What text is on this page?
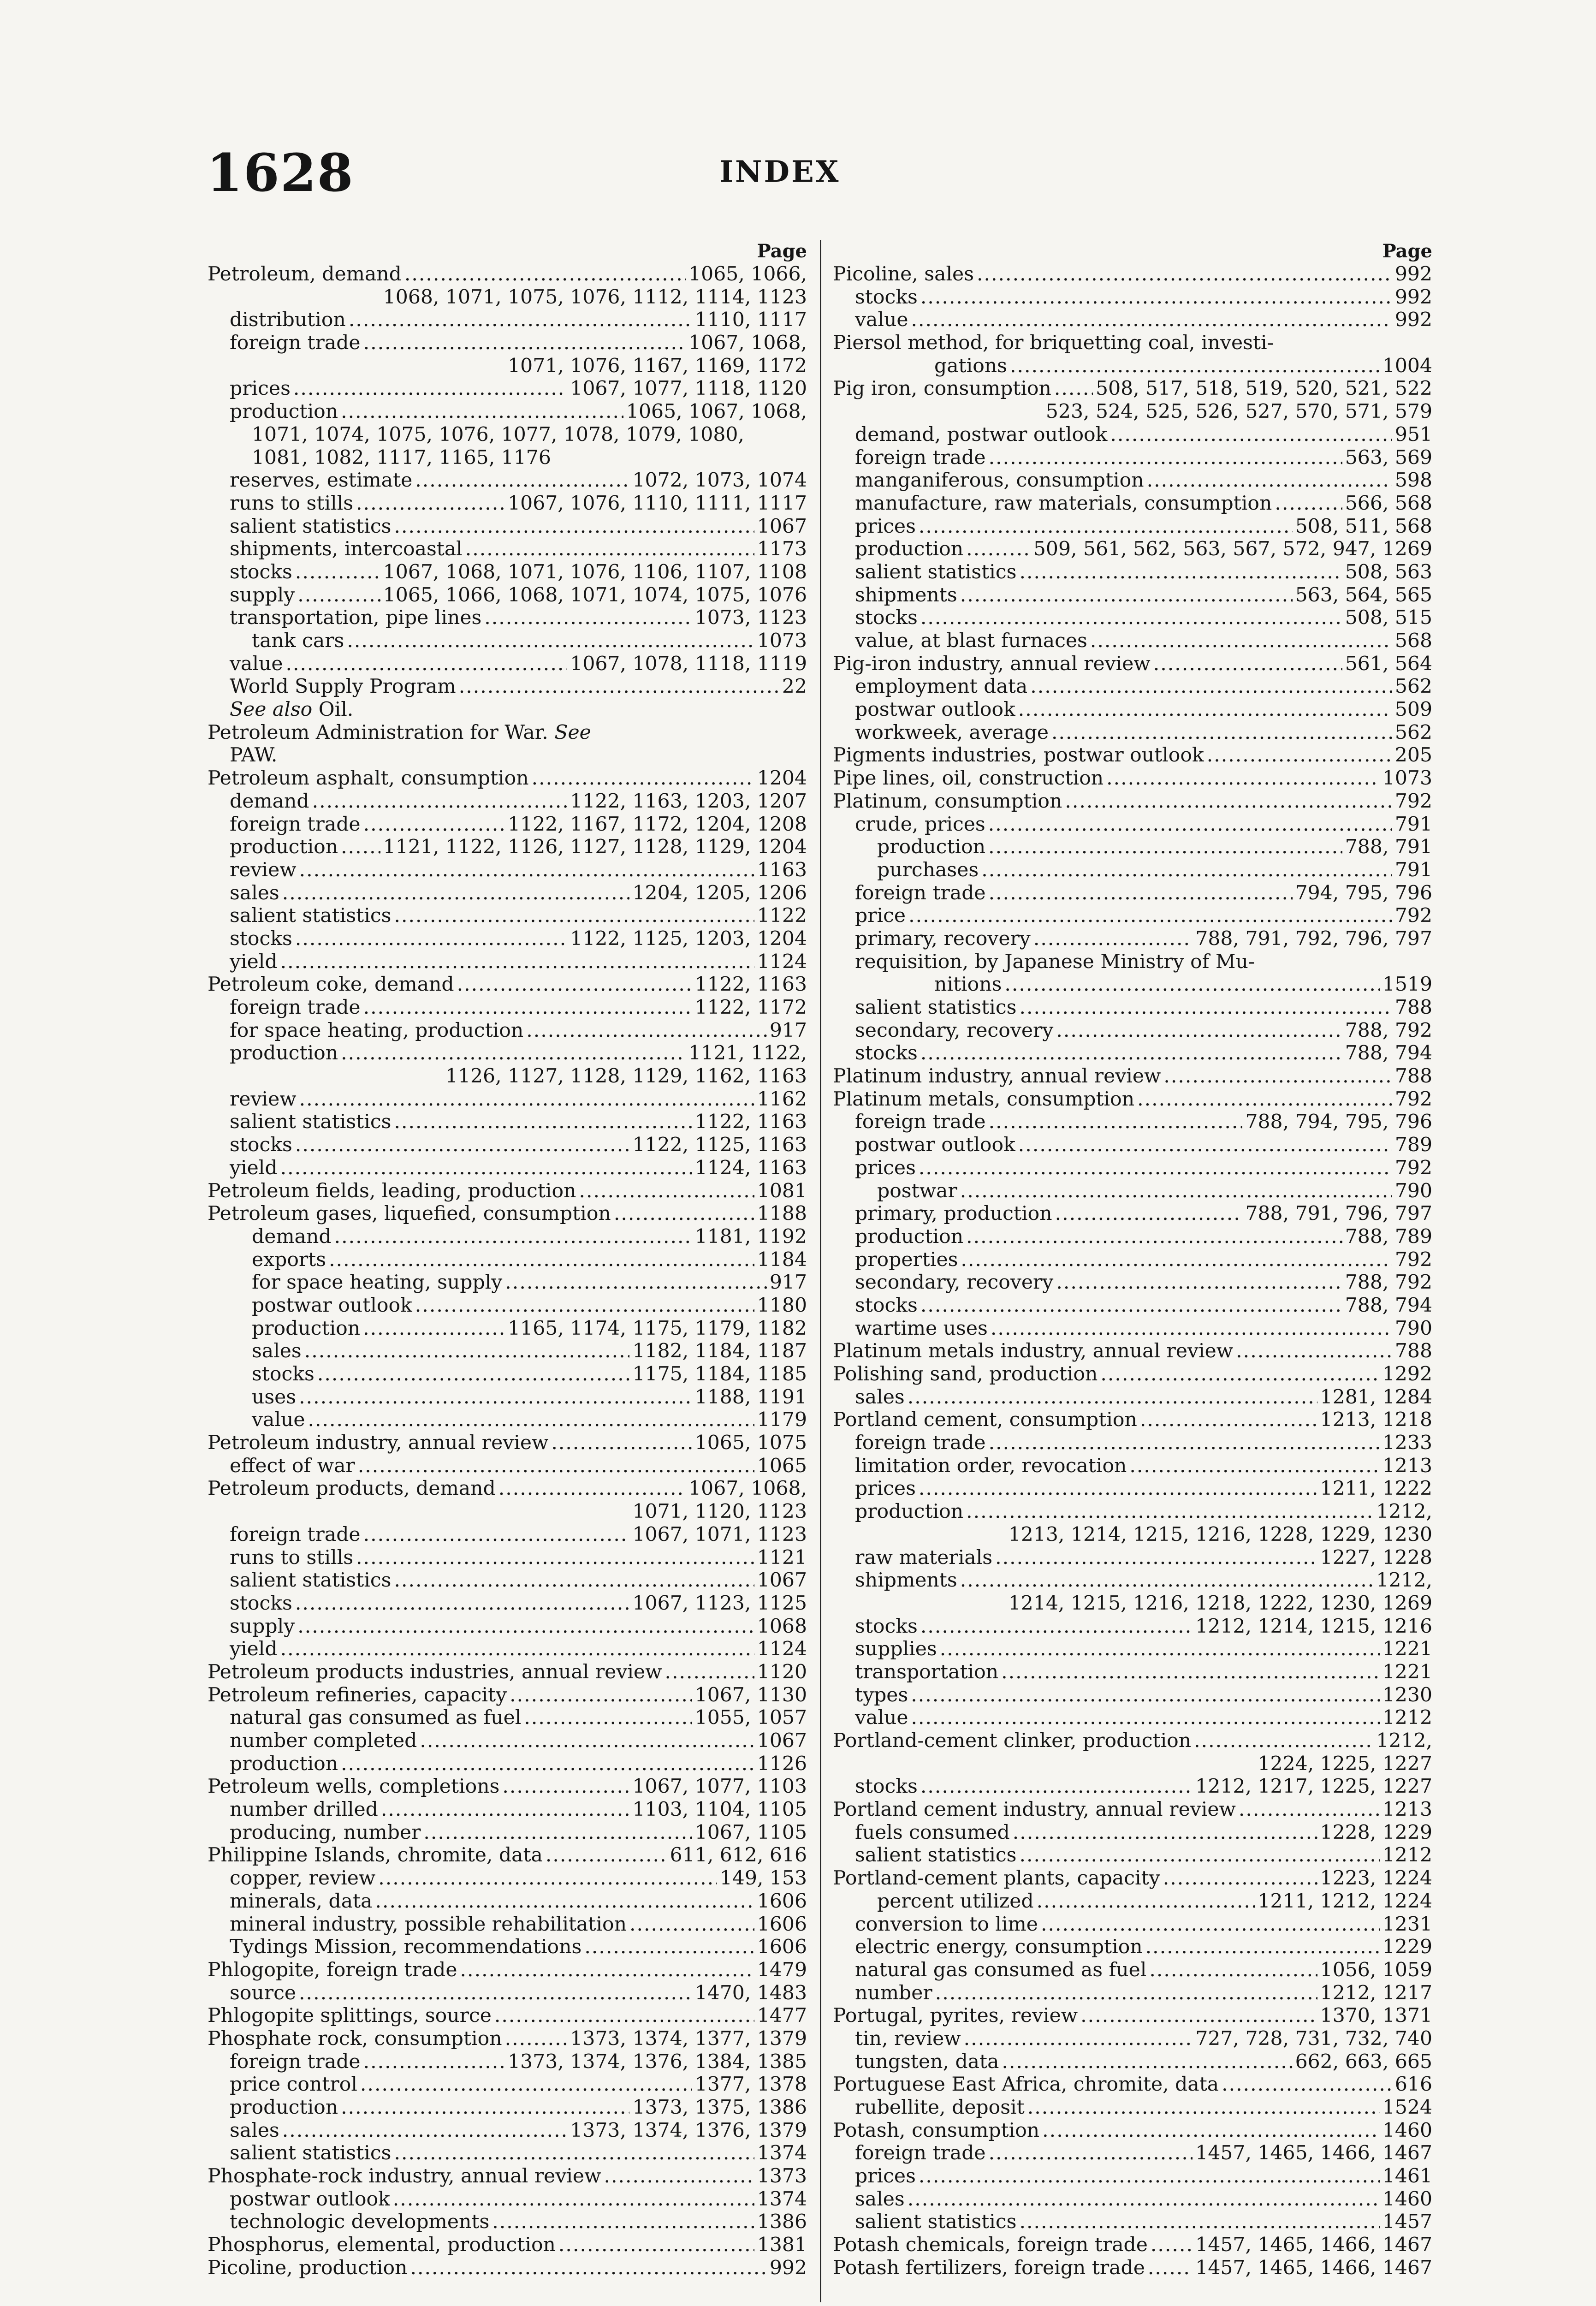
1628	INDEX
Page
Petroleum, demand .....	1065, 1066,
1068, 1071, 1075, 1076, 1112, 1114, 1123
distribution .....	1110, 1117
foreign trade .....	1067, 1068,
1071, 1076, 1167, 1169, 1172
prices .....	1067, 1077, 1118, 1120
production .....	1065, 1067, 1068,
1071, 1074, 1075, 1076, 1077, 1078, 1079, 1080,
1081, 1082, 1117, 1165, 1176
reserves, estimate .....	1072, 1073, 1074
runs to stills .....	1067, 1076, 1110, 1111, 1117
salient statistics .....	1067
shipments, intercoastal .....	1173
stocks .....	1067, 1068, 1071, 1076, 1106, 1107, 1108
supply .....	1065, 1066, 1068, 1071, 1074, 1075, 1076
transportation, pipe lines .....	1073, 1123
tank cars .....	1073
value .....	1067, 1078, 1118, 1119
World Supply Program .....	22
See also Oil.
Petroleum Administration for War. See
PAW.
Petroleum asphalt, consumption .....	1204
demand .....	1122, 1163, 1203, 1207
foreign trade .....	1122, 1167, 1172, 1204, 1208
production ..... 1121, 1122, 1126, 1127, 1128, 1129, 1204
review .....	1163
sales .....	1204, 1205, 1206
salient statistics .....	1122
stocks .....	1122, 1125, 1203, 1204
yield .....	1124
Petroleum coke, demand .....	1122, 1163
foreign trade .....	1122, 1172
for space heating, production .....	917
production .....	1121, 1122,
1126, 1127, 1128, 1129, 1162, 1163
review .....	1162
salient statistics .....	1122, 1163
stocks .....	1122, 1125, 1163
yield .....	1124, 1163
Petroleum fields, leading, production .....	1081
Petroleum gases, liquefied, consumption .....	1188
demand .....	1181, 1192
exports .....	1184
for space heating, supply .....	917
postwar outlook .....	1180
production .....	1165, 1174, 1175, 1179, 1182
sales .....	1182, 1184, 1187
stocks .....	1175, 1184, 1185
uses .....	1188, 1191
value .....	1179
Petroleum industry, annual review .....	1065, 1075
effect of war .....	1065
Petroleum products, demand .....	1067, 1068,
1071, 1120, 1123
foreign trade .....	1067, 1071, 1123
runs to stills .....	1121
salient statistics .....	1067
stocks .....	1067, 1123, 1125
supply .....	1068
yield .....	1124
Petroleum products industries, annual review .....	1120
Petroleum refineries, capacity .....	1067, 1130
natural gas consumed as fuel .....	1055, 1057
number completed .....	1067
production .....	1126
Petroleum wells, completions .....	1067, 1077, 1103
number drilled .....	1103, 1104, 1105
producing, number .....	1067, 1105
Philippine Islands, chromite, data .....	611, 612, 616
copper, review .....	149, 153
minerals, data .....	1606
mineral industry, possible rehabilitation .....	1606
Tydings Mission, recommendations .....	1606
Phlogopite, foreign trade .....	1479
source .....	1470, 1483
Phlogopite splittings, source .....	1477
Phosphate rock, consumption .....	1373, 1374, 1377, 1379
foreign trade .....	1373, 1374, 1376, 1384, 1385
price control .....	1377, 1378
production .....	1373, 1375, 1386
sales .....	1373, 1374, 1376, 1379
salient statistics .....	1374
Phosphate-rock industry, annual review .....	1373
postwar outlook .....	1374
technologic developments .....	1386
Phosphorus, elemental, production .....	1381
Picoline, production .....	992
Page
Picoline, sales .....	992
stocks .....	992
value .....	992
Piersol method, for briquetting coal, investi-
gations .....	1004
Pig iron, consumption ..... 508, 517, 518, 519, 520, 521, 522
523, 524, 525, 526, 527, 570, 571, 579
demand, postwar outlook .....	951
foreign trade .....	563, 569
manganiferous, consumption .....	598
manufacture, raw materials, consumption .....	566, 568
prices .....	508, 511, 568
production .....	509, 561, 562, 563, 567, 572, 947, 1269
salient statistics .....	508, 563
shipments .....	563, 564, 565
stocks .....	508, 515
value, at blast furnaces .....	568
Pig-iron industry, annual review .....	561, 564
employment data .....	562
postwar outlook .....	509
workweek, average .....	562
Pigments industries, postwar outlook .....	205
Pipe lines, oil, construction .....	1073
Platinum, consumption .....	792
crude, prices .....	791
production .....	788, 791
purchases .....	791
foreign trade .....	794, 795, 796
price .....	792
primary, recovery .....	788, 791, 792, 796, 797
requisition, by Japanese Ministry of Mu-
nitions .....	1519
salient statistics .....	788
secondary, recovery .....	788, 792
stocks .....	788, 794
Platinum industry, annual review .....	788
Platinum metals, consumption .....	792
foreign trade .....	788, 794, 795, 796
postwar outlook .....	789
prices .....	792
postwar .....	790
primary, production .....	788, 791, 796, 797
production .....	788, 789
properties .....	792
secondary, recovery .....	788, 792
stocks .....	788, 794
wartime uses .....	790
Platinum metals industry, annual review .....	788
Polishing sand, production .....	1292
sales .....	1281, 1284
Portland cement, consumption .....	1213, 1218
foreign trade .....	1233
limitation order, revocation .....	1213
prices .....	1211, 1222
production .....	1212,
1213, 1214, 1215, 1216, 1228, 1229, 1230
raw materials .....	1227, 1228
shipments .....	1212,
1214, 1215, 1216, 1218, 1222, 1230, 1269
stocks .....	1212, 1214, 1215, 1216
supplies .....	1221
transportation .....	1221
types .....	1230
value .....	1212
Portland-cement clinker, production .....	1212,
1224, 1225, 1227
stocks .....	1212, 1217, 1225, 1227
Portland cement industry, annual review .....	1213
fuels consumed .....	1228, 1229
salient statistics .....	1212
Portland-cement plants, capacity .....	1223, 1224
percent utilized .....	1211, 1212, 1224
conversion to lime .....	1231
electric energy, consumption .....	1229
natural gas consumed as fuel .....	1056, 1059
number .....	1212, 1217
Portugal, pyrites, review .....	1370, 1371
tin, review .....	727, 728, 731, 732, 740
tungsten, data .....	662, 663, 665
Portuguese East Africa, chromite, data .....	616
rubellite, deposit .....	1524
Potash, consumption .....	1460
foreign trade .....	1457, 1465, 1466, 1467
prices .....	1461
sales .....	1460
salient statistics .....	1457
Potash chemicals, foreign trade ..... 1457, 1465, 1466, 1467
Potash fertilizers, foreign trade .....	1457, 1465, 1466, 1467
